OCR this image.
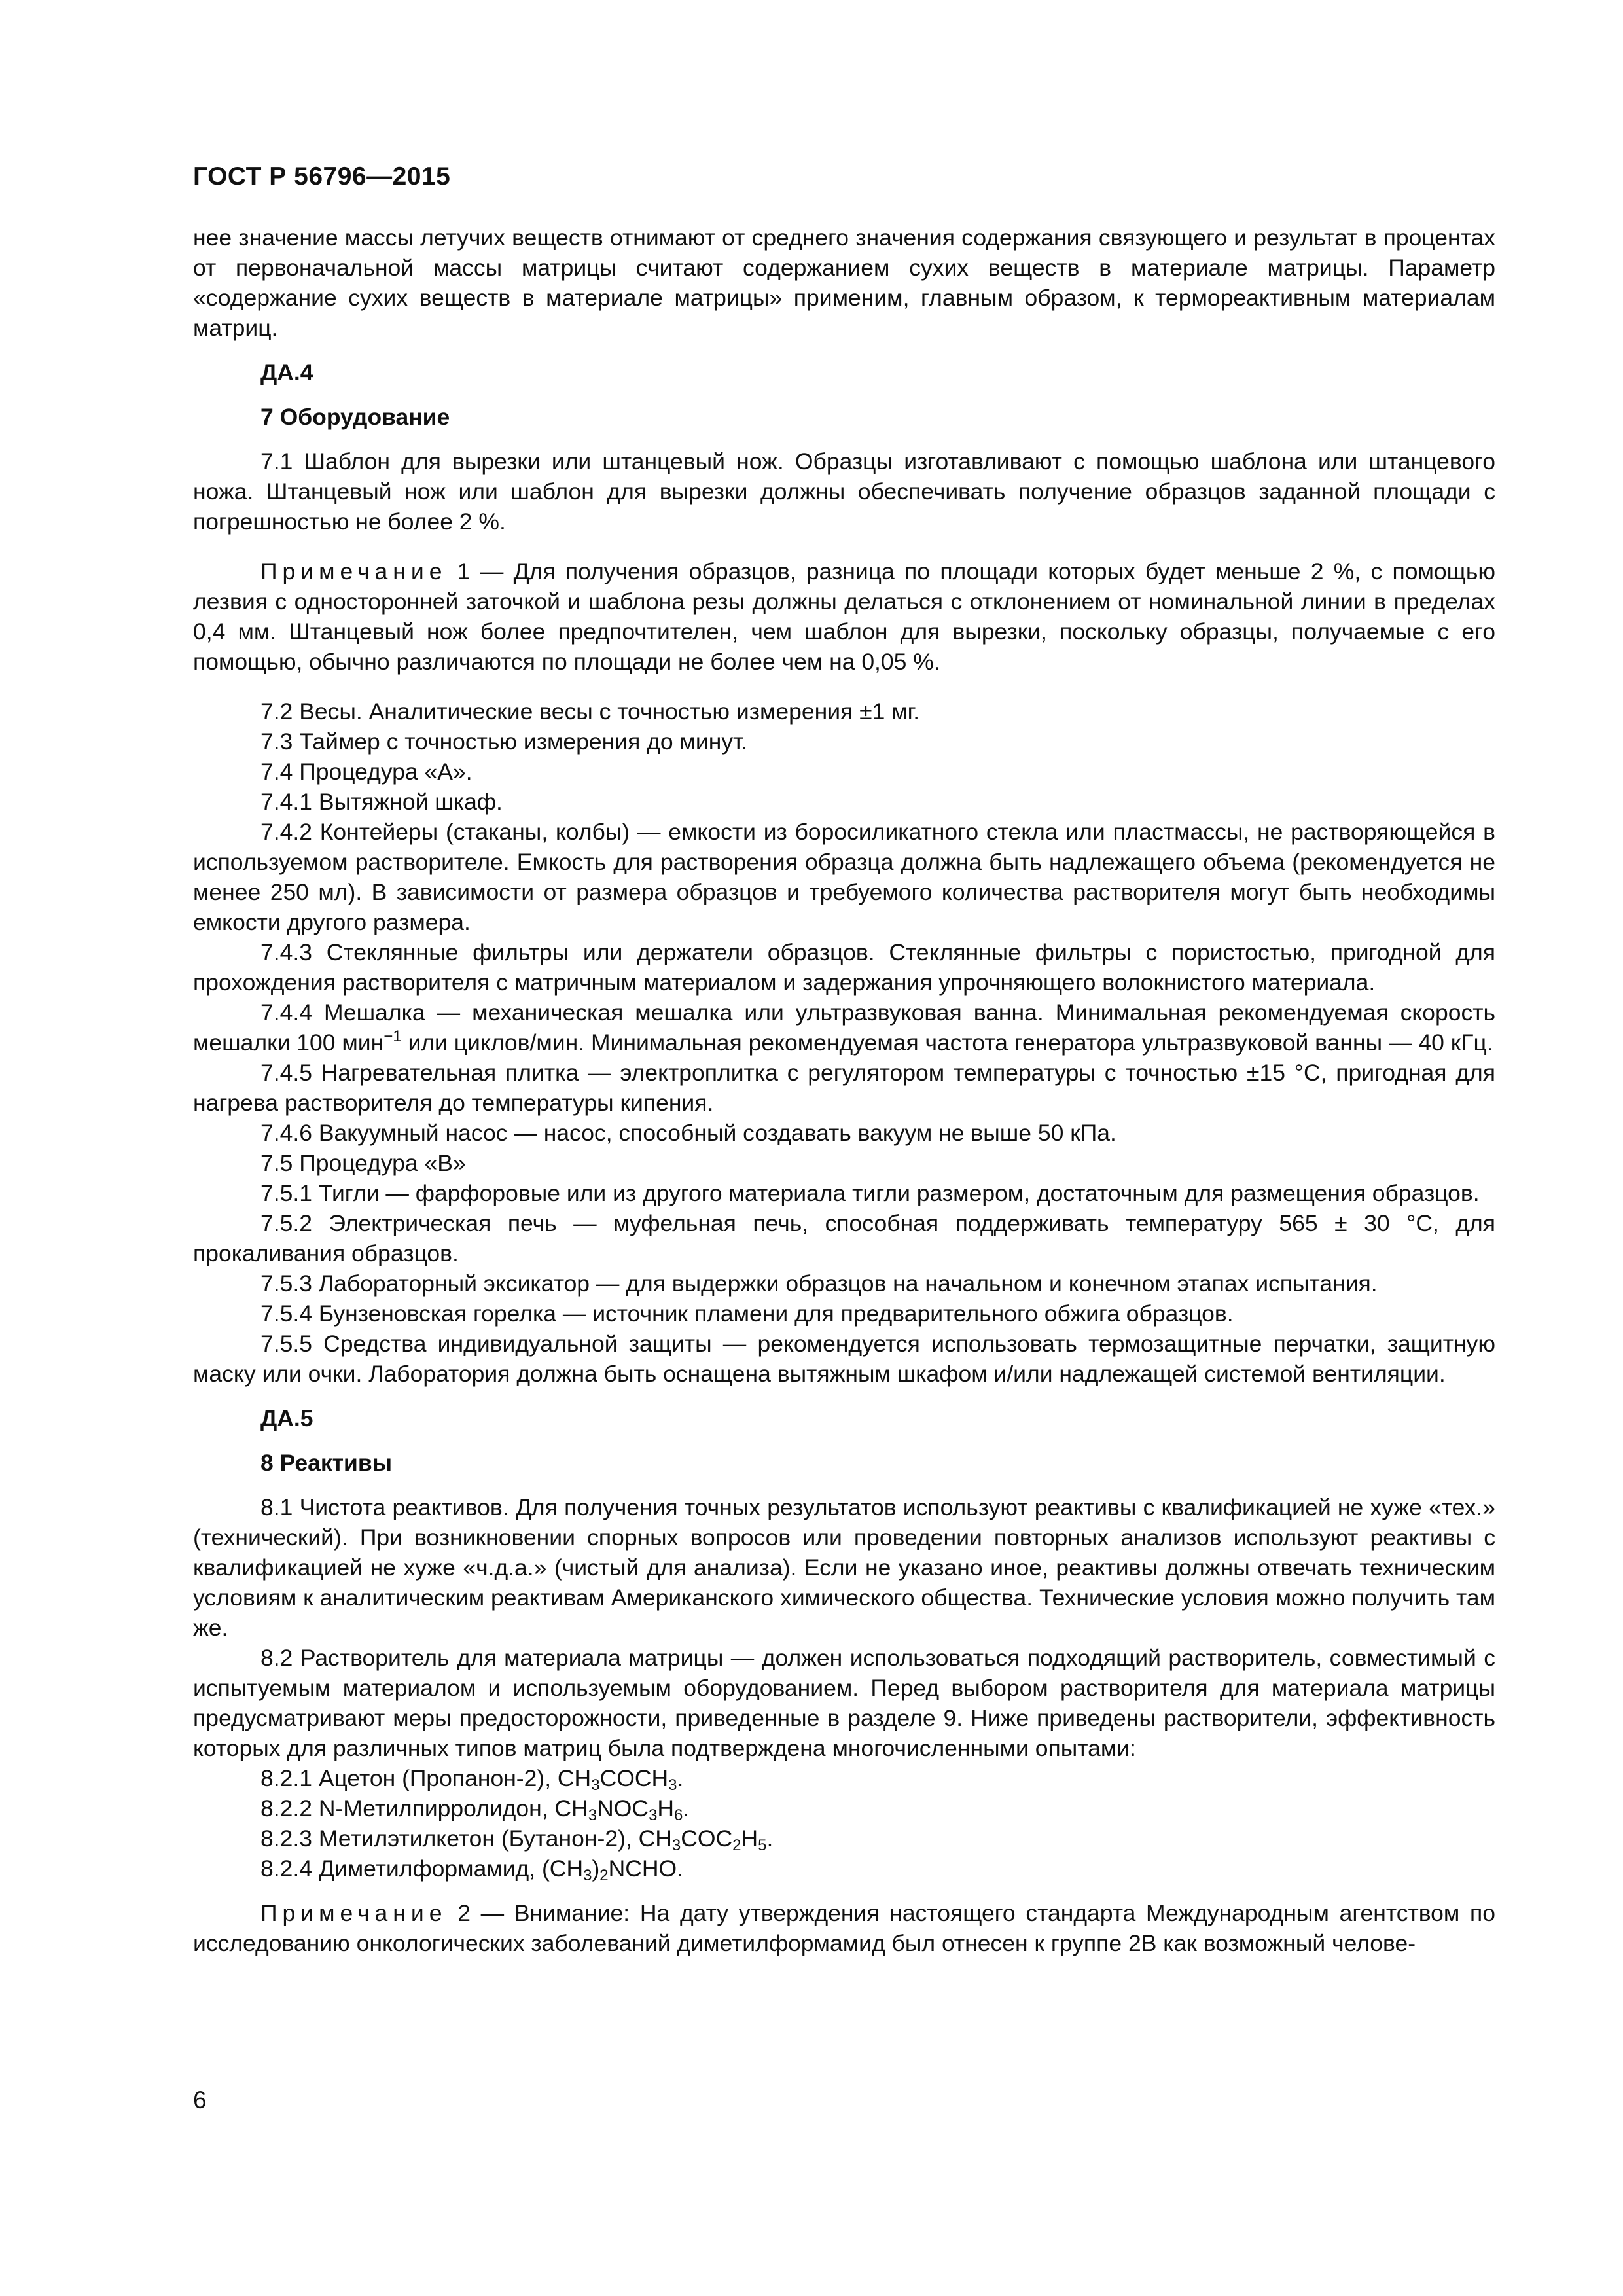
ГОСТ Р 56796—2015

нее значение массы летучих веществ отнимают от среднего значения содержания связующего и результат в процентах от первоначальной массы матрицы считают содержанием сухих веществ в материале матрицы. Параметр «содержание сухих веществ в материале матрицы» применим, главным образом, к термореактивным материалам матриц.

ДА.4

7 Оборудование

7.1 Шаблон для вырезки или штанцевый нож. Образцы изготавливают с помощью шаблона или штанцевого ножа. Штанцевый нож или шаблон для вырезки должны обеспечивать получение образцов заданной площади с погрешностью не более 2 %.

Примечание 1 — Для получения образцов, разница по площади которых будет меньше 2 %, с помощью лезвия с односторонней заточкой и шаблона резы должны делаться с отклонением от номинальной линии в пределах 0,4 мм. Штанцевый нож более предпочтителен, чем шаблон для вырезки, поскольку образцы, получаемые с его помощью, обычно различаются по площади не более чем на 0,05 %.

7.2 Весы. Аналитические весы с точностью измерения ±1 мг.

7.3 Таймер с точностью измерения до минут.

7.4 Процедура «А».

7.4.1 Вытяжной шкаф.

7.4.2 Контейеры (стаканы, колбы) — емкости из боросиликатного стекла или пластмассы, не растворяющейся в используемом растворителе. Емкость для растворения образца должна быть надлежащего объема (рекомендуется не менее 250 мл). В зависимости от размера образцов и требуемого количества растворителя могут быть необходимы емкости другого размера.

7.4.3 Стеклянные фильтры или держатели образцов. Стеклянные фильтры с пористостью, пригодной для прохождения растворителя с матричным материалом и задержания упрочняющего волокнистого материала.

7.4.4 Мешалка — механическая мешалка или ультразвуковая ванна. Минимальная рекомендуемая скорость мешалки 100 мин$^{-1}$ или циклов/мин. Минимальная рекомендуемая частота генератора ультразвуковой ванны — 40 кГц.

7.4.5 Нагревательная плитка — электроплитка с регулятором температуры с точностью ±15 °С, пригодная для нагрева растворителя до температуры кипения.

7.4.6 Вакуумный насос — насос, способный создавать вакуум не выше 50 кПа.

7.5 Процедура «В»

7.5.1 Тигли — фарфоровые или из другого материала тигли размером, достаточным для размещения образцов.

7.5.2 Электрическая печь — муфельная печь, способная поддерживать температуру 565 ± 30 °С, для прокаливания образцов.

7.5.3 Лабораторный эксикатор — для выдержки образцов на начальном и конечном этапах испытания.

7.5.4 Бунзеновская горелка — источник пламени для предварительного обжига образцов.

7.5.5 Средства индивидуальной защиты — рекомендуется использовать термозащитные перчатки, защитную маску или очки. Лаборатория должна быть оснащена вытяжным шкафом и/или надлежащей системой вентиляции.

ДА.5

8 Реактивы

8.1 Чистота реактивов. Для получения точных результатов используют реактивы с квалификацией не хуже «тех.» (технический). При возникновении спорных вопросов или проведении повторных анализов используют реактивы с квалификацией не хуже «ч.д.а.» (чистый для анализа). Если не указано иное, реактивы должны отвечать техническим условиям к аналитическим реактивам Американского химического общества. Технические условия можно получить там же.

8.2 Растворитель для материала матрицы — должен использоваться подходящий растворитель, совместимый с испытуемым материалом и используемым оборудованием. Перед выбором растворителя для материала матрицы предусматривают меры предосторожности, приведенные в разделе 9. Ниже приведены растворители, эффективность которых для различных типов матриц была подтверждена многочисленными опытами:

8.2.1 Ацетон (Пропанон-2), $CH_3COCH_3$.

8.2.2 N-Метилпирролидон, $CH_3NOC_3H_6$.

8.2.3 Метилэтилкетон (Бутанон-2), $CH_3COC_2H_5$.

8.2.4 Диметилформамид, $(CH_3)_2NCHO$.

Примечание 2 — Внимание: На дату утверждения настоящего стандарта Международным агентством по исследованию онкологических заболеваний диметилформамид был отнесен к группе 2В как возможный челове-

6
